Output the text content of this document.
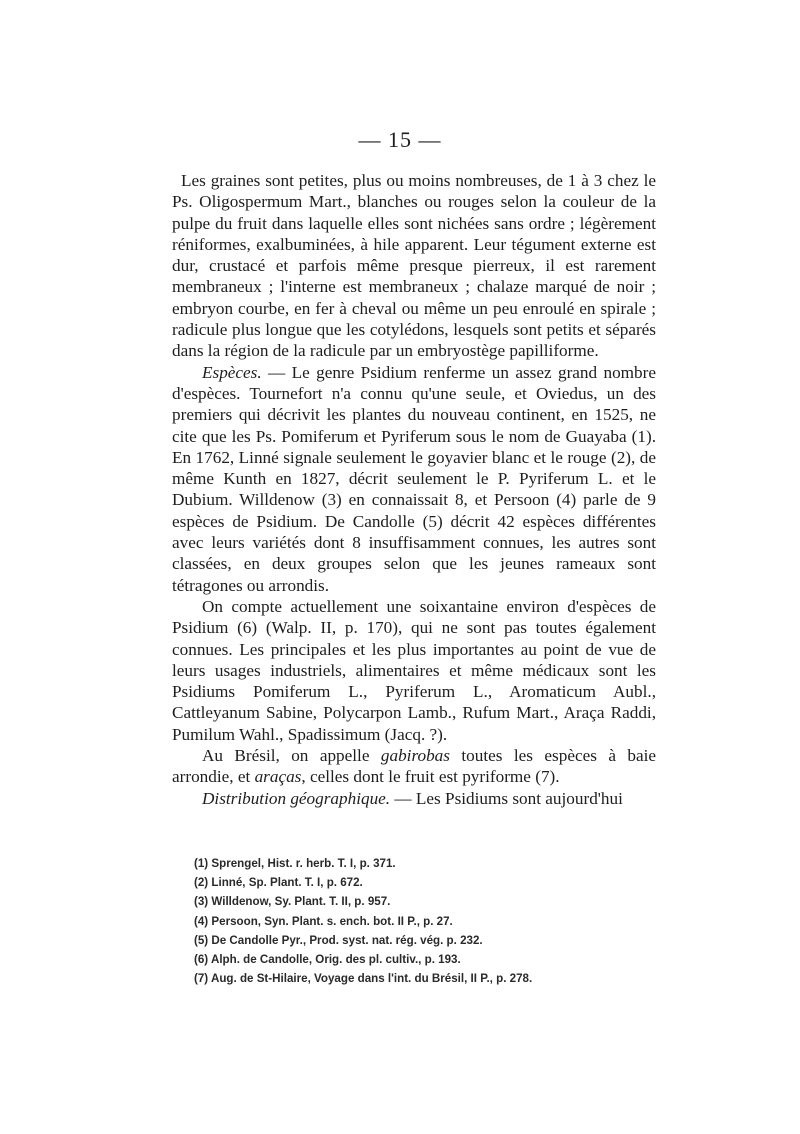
— 15 —

Les graines sont petites, plus ou moins nombreuses, de 1 à 3 chez le Ps. Oligospermum Mart., blanches ou rouges selon la couleur de la pulpe du fruit dans laquelle elles sont nichées sans ordre ; légèrement réniformes, exalbuminées, à hile apparent. Leur tégument externe est dur, crustacé et parfois même presque pierreux, il est rarement membraneux ; l'interne est membraneux ; chalaze marqué de noir ; embryon courbe, en fer à cheval ou même un peu enroulé en spirale ; radicule plus longue que les cotylédons, lesquels sont petits et séparés dans la région de la radicule par un embryostège papilliforme.

Espèces. — Le genre Psidium renferme un assez grand nombre d'espèces. Tournefort n'a connu qu'une seule, et Oviedus, un des premiers qui décrivit les plantes du nouveau continent, en 1525, ne cite que les Ps. Pomiferum et Pyriferum sous le nom de Guayaba (1). En 1762, Linné signale seulement le goyavier blanc et le rouge (2), de même Kunth en 1827, décrit seulement le P. Pyriferum L. et le Dubium. Willdenow (3) en connaissait 8, et Persoon (4) parle de 9 espèces de Psidium. De Candolle (5) décrit 42 espèces différentes avec leurs variétés dont 8 insuffisamment connues, les autres sont classées, en deux groupes selon que les jeunes rameaux sont tétragones ou arrondis.

On compte actuellement une soixantaine environ d'espèces de Psidium (6) (Walp. II, p. 170), qui ne sont pas toutes également connues. Les principales et les plus importantes au point de vue de leurs usages industriels, alimentaires et même médicaux sont les Psidiums Pomiferum L., Pyriferum L., Aromaticum Aubl., Cattleyanum Sabine, Polycarpon Lamb., Rufum Mart., Araça Raddi, Pumilum Wahl., Spadissimum (Jacq. ?).

Au Brésil, on appelle gabirobas toutes les espèces à baie arrondie, et araças, celles dont le fruit est pyriforme (7).

Distribution géographique. — Les Psidiums sont aujourd'hui

(1) Sprengel, Hist. r. herb. T. I, p. 371.
(2) Linné, Sp. Plant. T. I, p. 672.
(3) Willdenow, Sy. Plant. T. II, p. 957.
(4) Persoon, Syn. Plant. s. ench. bot. II P., p. 27.
(5) De Candolle Pyr., Prod. syst. nat. rég. vég. p. 232.
(6) Alph. de Candolle, Orig. des pl. cultiv., p. 193.
(7) Aug. de St-Hilaire, Voyage dans l'int. du Brésil, II P., p. 278.
